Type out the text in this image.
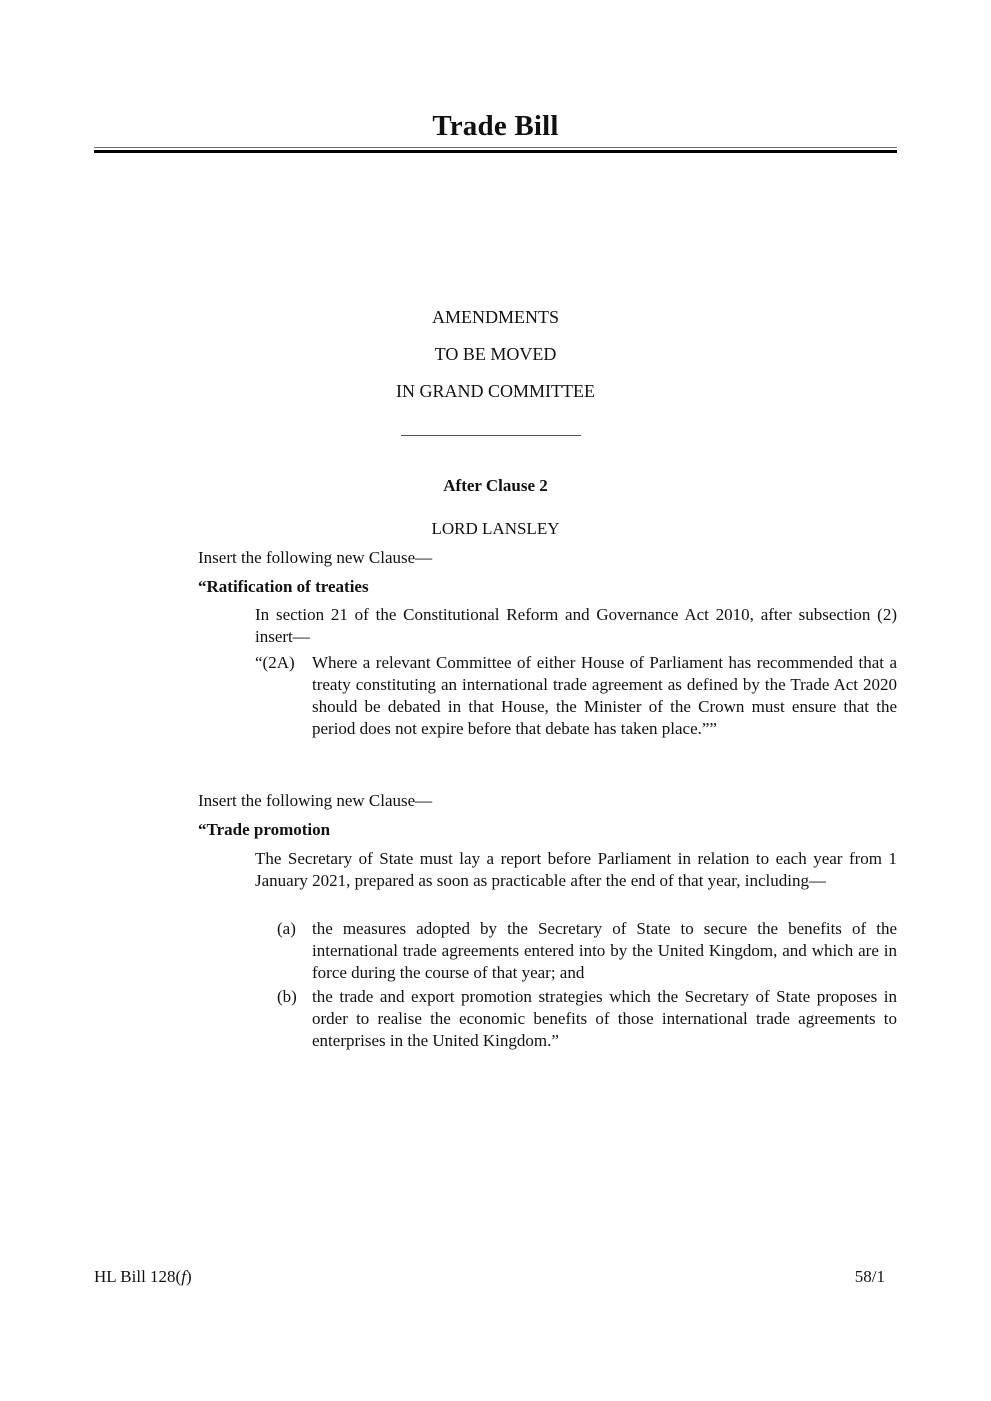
Trade Bill
AMENDMENTS
TO BE MOVED
IN GRAND COMMITTEE
After Clause 2
LORD LANSLEY
Insert the following new Clause—
“Ratification of treaties
In section 21 of the Constitutional Reform and Governance Act 2010, after subsection (2) insert—
“(2A) Where a relevant Committee of either House of Parliament has recommended that a treaty constituting an international trade agreement as defined by the Trade Act 2020 should be debated in that House, the Minister of the Crown must ensure that the period does not expire before that debate has taken place.””
Insert the following new Clause—
“Trade promotion
The Secretary of State must lay a report before Parliament in relation to each year from 1 January 2021, prepared as soon as practicable after the end of that year, including—
(a) the measures adopted by the Secretary of State to secure the benefits of the international trade agreements entered into by the United Kingdom, and which are in force during the course of that year; and
(b) the trade and export promotion strategies which the Secretary of State proposes in order to realise the economic benefits of those international trade agreements to enterprises in the United Kingdom.”
HL Bill 128(f)	58/1
